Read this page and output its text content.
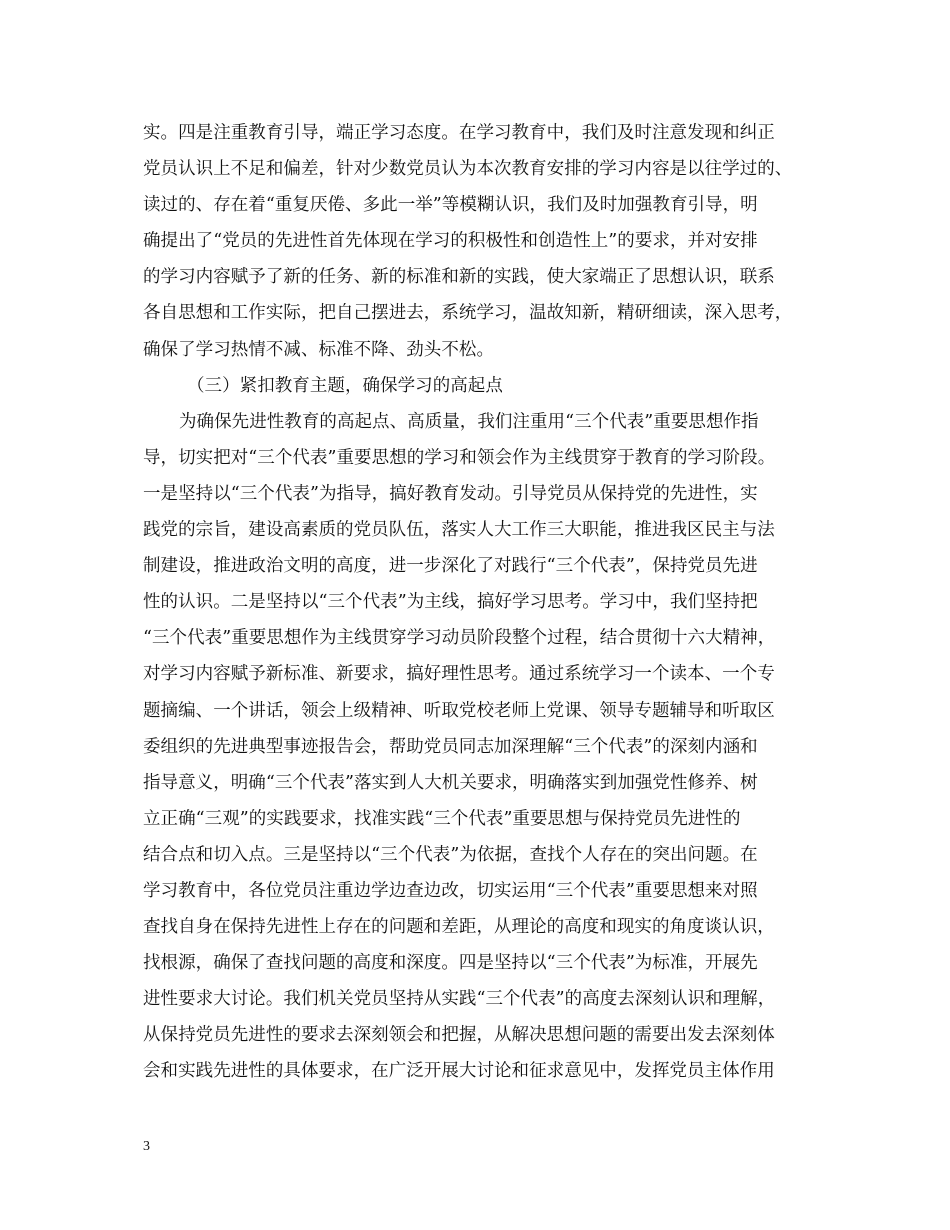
实。四是注重教育引导，端正学习态度。在学习教育中，我们及时注意发现和纠正
党员认识上不足和偏差，针对少数党员认为本次教育安排的学习内容是以往学过的、
读过的、存在着“重复厌倦、多此一举”等模糊认识，我们及时加强教育引导，明
确提出了“党员的先进性首先体现在学习的积极性和创造性上”的要求，并对安排
的学习内容赋予了新的任务、新的标准和新的实践，使大家端正了思想认识，联系
各自思想和工作实际，把自己摆进去，系统学习，温故知新，精研细读，深入思考，
确保了学习热情不减、标准不降、劲头不松。
（三）紧扣教育主题，确保学习的高起点
为确保先进性教育的高起点、高质量，我们注重用“三个代表”重要思想作指
导，切实把对“三个代表”重要思想的学习和领会作为主线贯穿于教育的学习阶段。
一是坚持以“三个代表”为指导，搞好教育发动。引导党员从保持党的先进性，实
践党的宗旨，建设高素质的党员队伍，落实人大工作三大职能，推进我区民主与法
制建设，推进政治文明的高度，进一步深化了对践行“三个代表”，保持党员先进
性的认识。二是坚持以“三个代表”为主线，搞好学习思考。学习中，我们坚持把
“三个代表”重要思想作为主线贯穿学习动员阶段整个过程，结合贯彻十六大精神，
对学习内容赋予新标准、新要求，搞好理性思考。通过系统学习一个读本、一个专
题摘编、一个讲话，领会上级精神、听取党校老师上党课、领导专题辅导和听取区
委组织的先进典型事迹报告会，帮助党员同志加深理解“三个代表”的深刻内涵和
指导意义，明确“三个代表”落实到人大机关要求，明确落实到加强党性修养、树
立正确“三观”的实践要求，找准实践“三个代表”重要思想与保持党员先进性的
结合点和切入点。三是坚持以“三个代表”为依据，查找个人存在的突出问题。在
学习教育中，各位党员注重边学边查边改，切实运用“三个代表”重要思想来对照
查找自身在保持先进性上存在的问题和差距，从理论的高度和现实的角度谈认识，
找根源，确保了查找问题的高度和深度。四是坚持以“三个代表”为标准，开展先
进性要求大讨论。我们机关党员坚持从实践“三个代表”的高度去深刻认识和理解，
从保持党员先进性的要求去深刻领会和把握，从解决思想问题的需要出发去深刻体
会和实践先进性的具体要求，在广泛开展大讨论和征求意见中，发挥党员主体作用
3
